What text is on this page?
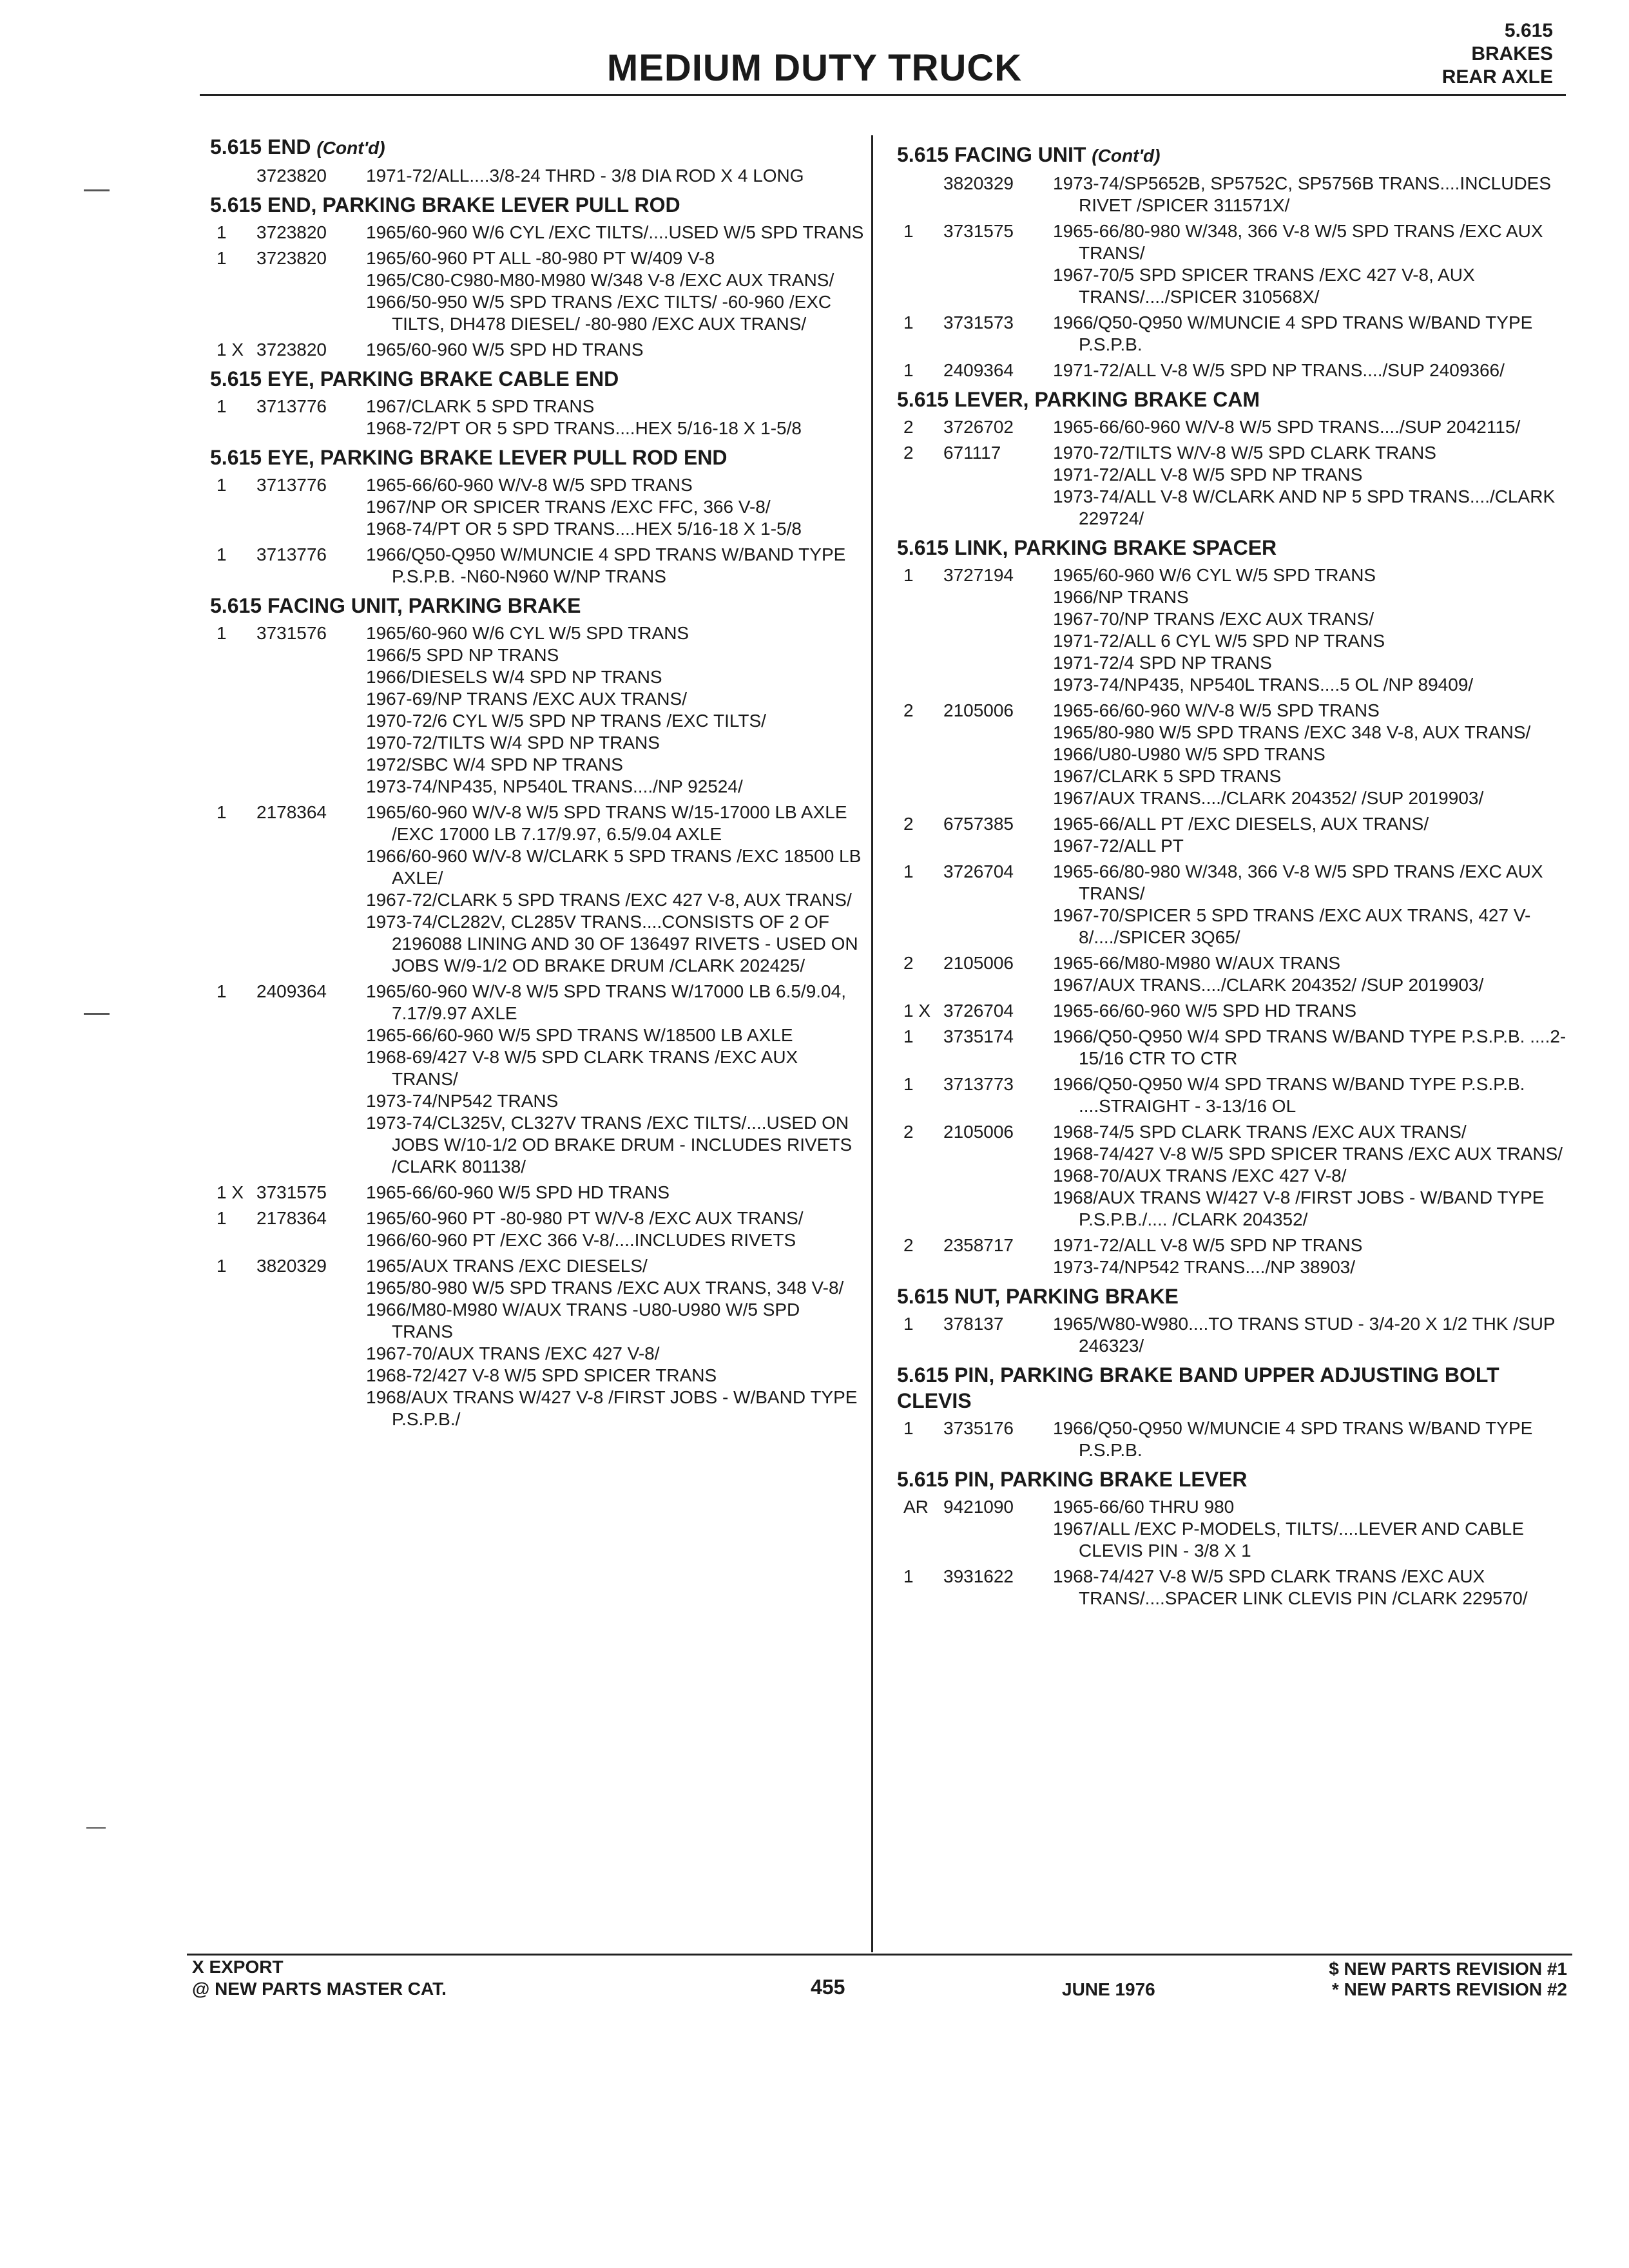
MEDIUM DUTY TRUCK
5.615
BRAKES
REAR AXLE
5.615 END (Cont'd)
3723820	1971-72/ALL....3/8-24 THRD - 3/8 DIA ROD X 4 LONG
5.615 END, PARKING BRAKE LEVER PULL ROD
1	3723820	1965/60-960 W/6 CYL /EXC TILTS/....USED W/5 SPD TRANS
1	3723820	1965/60-960 PT ALL -80-980 PT W/409 V-8
1965/C80-C980-M80-M980 W/348 V-8 /EXC AUX TRANS/
1966/50-950 W/5 SPD TRANS /EXC TILTS/ -60-960 /EXC TILTS, DH478 DIESEL/ -80-980 /EXC AUX TRANS/
1 X 3723820	1965/60-960 W/5 SPD HD TRANS
5.615 EYE, PARKING BRAKE CABLE END
1	3713776	1967/CLARK 5 SPD TRANS
1968-72/PT OR 5 SPD TRANS....HEX 5/16-18 X 1-5/8
5.615 EYE, PARKING BRAKE LEVER PULL ROD END
1	3713776	1965-66/60-960 W/V-8 W/5 SPD TRANS
1967/NP OR SPICER TRANS /EXC FFC, 366 V-8/
1968-74/PT OR 5 SPD TRANS....HEX 5/16-18 X 1-5/8
1	3713776	1966/Q50-Q950 W/MUNCIE 4 SPD TRANS W/BAND TYPE P.S.P.B. -N60-N960 W/NP TRANS
5.615 FACING UNIT, PARKING BRAKE
1	3731576	1965/60-960 W/6 CYL W/5 SPD TRANS
1966/5 SPD NP TRANS
1966/DIESELS W/4 SPD NP TRANS
1967-69/NP TRANS /EXC AUX TRANS/
1970-72/6 CYL W/5 SPD NP TRANS /EXC TILTS/
1970-72/TILTS W/4 SPD NP TRANS
1972/SBC W/4 SPD NP TRANS
1973-74/NP435, NP540L TRANS..../NP 92524/
1	2178364	1965/60-960 W/V-8 W/5 SPD TRANS W/15-17000 LB AXLE /EXC 17000 LB 7.17/9.97, 6.5/9.04 AXLE
1966/60-960 W/V-8 W/CLARK 5 SPD TRANS /EXC 18500 LB AXLE/
1967-72/CLARK 5 SPD TRANS /EXC 427 V-8, AUX TRANS/
1973-74/CL282V, CL285V TRANS....CONSISTS OF 2 OF 2196088 LINING AND 30 OF 136497 RIVETS - USED ON JOBS W/9-1/2 OD BRAKE DRUM /CLARK 202425/
1	2409364	1965/60-960 W/V-8 W/5 SPD TRANS W/17000 LB 6.5/9.04, 7.17/9.97 AXLE
1965-66/60-960 W/5 SPD TRANS W/18500 LB AXLE
1968-69/427 V-8 W/5 SPD CLARK TRANS /EXC AUX TRANS/
1973-74/NP542 TRANS
1973-74/CL325V, CL327V TRANS /EXC TILTS/....USED ON JOBS W/10-1/2 OD BRAKE DRUM - INCLUDES RIVETS /CLARK 801138/
1 X 3731575	1965-66/60-960 W/5 SPD HD TRANS
1	2178364	1965/60-960 PT -80-980 PT W/V-8 /EXC AUX TRANS/
1966/60-960 PT /EXC 366 V-8/....INCLUDES RIVETS
1	3820329	1965/AUX TRANS /EXC DIESELS/
1965/80-980 W/5 SPD TRANS /EXC AUX TRANS, 348 V-8/
1966/M80-M980 W/AUX TRANS -U80-U980 W/5 SPD TRANS
1967-70/AUX TRANS /EXC 427 V-8/
1968-72/427 V-8 W/5 SPD SPICER TRANS
1968/AUX TRANS W/427 V-8 /FIRST JOBS - W/BAND TYPE P.S.P.B./
5.615 FACING UNIT (Cont'd)
3820329	1973-74/SP5652B, SP5752C, SP5756B TRANS....INCLUDES RIVET /SPICER 311571X/
1	3731575	1965-66/80-980 W/348, 366 V-8 W/5 SPD TRANS /EXC AUX TRANS/
1967-70/5 SPD SPICER TRANS /EXC 427 V-8, AUX TRANS/..../SPICER 310568X/
1	3731573	1966/Q50-Q950 W/MUNCIE 4 SPD TRANS W/BAND TYPE P.S.P.B.
1	2409364	1971-72/ALL V-8 W/5 SPD NP TRANS..../SUP 2409366/
5.615 LEVER, PARKING BRAKE CAM
2	3726702	1965-66/60-960 W/V-8 W/5 SPD TRANS..../SUP 2042115/
2	671117	1970-72/TILTS W/V-8 W/5 SPD CLARK TRANS
1971-72/ALL V-8 W/5 SPD NP TRANS
1973-74/ALL V-8 W/CLARK AND NP 5 SPD TRANS..../CLARK 229724/
5.615 LINK, PARKING BRAKE SPACER
1	3727194	1965/60-960 W/6 CYL W/5 SPD TRANS
1966/NP TRANS
1967-70/NP TRANS /EXC AUX TRANS/
1971-72/ALL 6 CYL W/5 SPD NP TRANS
1971-72/4 SPD NP TRANS
1973-74/NP435, NP540L TRANS....5 OL /NP 89409/
2	2105006	1965-66/60-960 W/V-8 W/5 SPD TRANS
1965/80-980 W/5 SPD TRANS /EXC 348 V-8, AUX TRANS/
1966/U80-U980 W/5 SPD TRANS
1967/CLARK 5 SPD TRANS
1967/AUX TRANS..../CLARK 204352/ /SUP 2019903/
2	6757385	1965-66/ALL PT /EXC DIESELS, AUX TRANS/
1967-72/ALL PT
1	3726704	1965-66/80-980 W/348, 366 V-8 W/5 SPD TRANS /EXC AUX TRANS/
1967-70/SPICER 5 SPD TRANS /EXC AUX TRANS, 427 V-8/..../SPICER 3Q65/
2	2105006	1965-66/M80-M980 W/AUX TRANS
1967/AUX TRANS..../CLARK 204352/ /SUP 2019903/
1 X 3726704	1965-66/60-960 W/5 SPD HD TRANS
1	3735174	1966/Q50-Q950 W/4 SPD TRANS W/BAND TYPE P.S.P.B. ....2-15/16 CTR TO CTR
1	3713773	1966/Q50-Q950 W/4 SPD TRANS W/BAND TYPE P.S.P.B. ....STRAIGHT - 3-13/16 OL
2	2105006	1968-74/5 SPD CLARK TRANS /EXC AUX TRANS/
1968-74/427 V-8 W/5 SPD SPICER TRANS /EXC AUX TRANS/
1968-70/AUX TRANS /EXC 427 V-8/
1968/AUX TRANS W/427 V-8 /FIRST JOBS - W/BAND TYPE P.S.P.B./.... /CLARK 204352/
2	2358717	1971-72/ALL V-8 W/5 SPD NP TRANS
1973-74/NP542 TRANS..../NP 38903/
5.615 NUT, PARKING BRAKE
1	378137	1965/W80-W980....TO TRANS STUD - 3/4-20 X 1/2 THK /SUP 246323/
5.615 PIN, PARKING BRAKE BAND UPPER ADJUSTING BOLT CLEVIS
1	3735176	1966/Q50-Q950 W/MUNCIE 4 SPD TRANS W/BAND TYPE P.S.P.B.
5.615 PIN, PARKING BRAKE LEVER
AR 9421090	1965-66/60 THRU 980
1967/ALL /EXC P-MODELS, TILTS/....LEVER AND CABLE CLEVIS PIN - 3/8 X 1
1	3931622	1968-74/427 V-8 W/5 SPD CLARK TRANS /EXC AUX TRANS/....SPACER LINK CLEVIS PIN /CLARK 229570/
X EXPORT
@ NEW PARTS MASTER CAT.	455	JUNE 1976
$ NEW PARTS REVISION #1
* NEW PARTS REVISION #2
